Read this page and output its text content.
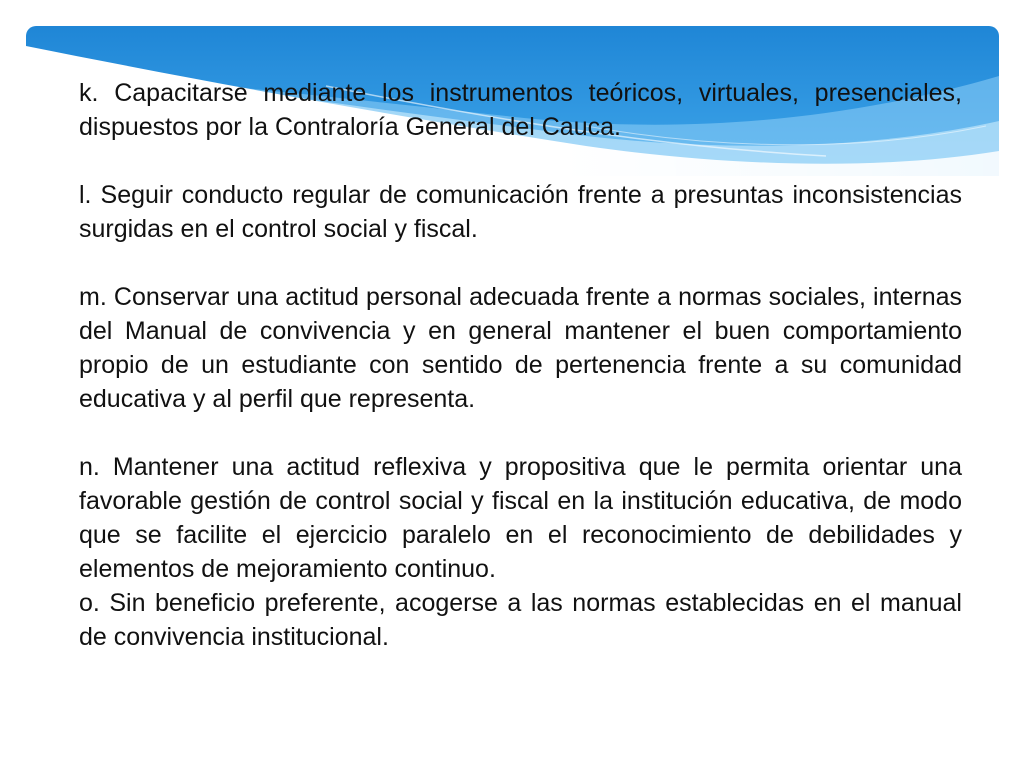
k. Capacitarse mediante los instrumentos teóricos, virtuales, presenciales, dispuestos por la Contraloría General del Cauca.

l. Seguir conducto regular de comunicación frente a presuntas inconsistencias surgidas en el control social y fiscal.

m. Conservar una actitud personal adecuada frente a normas sociales, internas del Manual de convivencia y en general mantener el buen comportamiento propio de un estudiante con sentido de pertenencia frente a su comunidad educativa y al perfil que representa.

n. Mantener una actitud reflexiva y propositiva que le permita orientar una favorable gestión de control social y fiscal en la institución educativa, de modo que se facilite el ejercicio paralelo en el reconocimiento de debilidades y elementos de mejoramiento continuo.

o. Sin beneficio preferente, acogerse a las normas establecidas en el manual de convivencia institucional.
